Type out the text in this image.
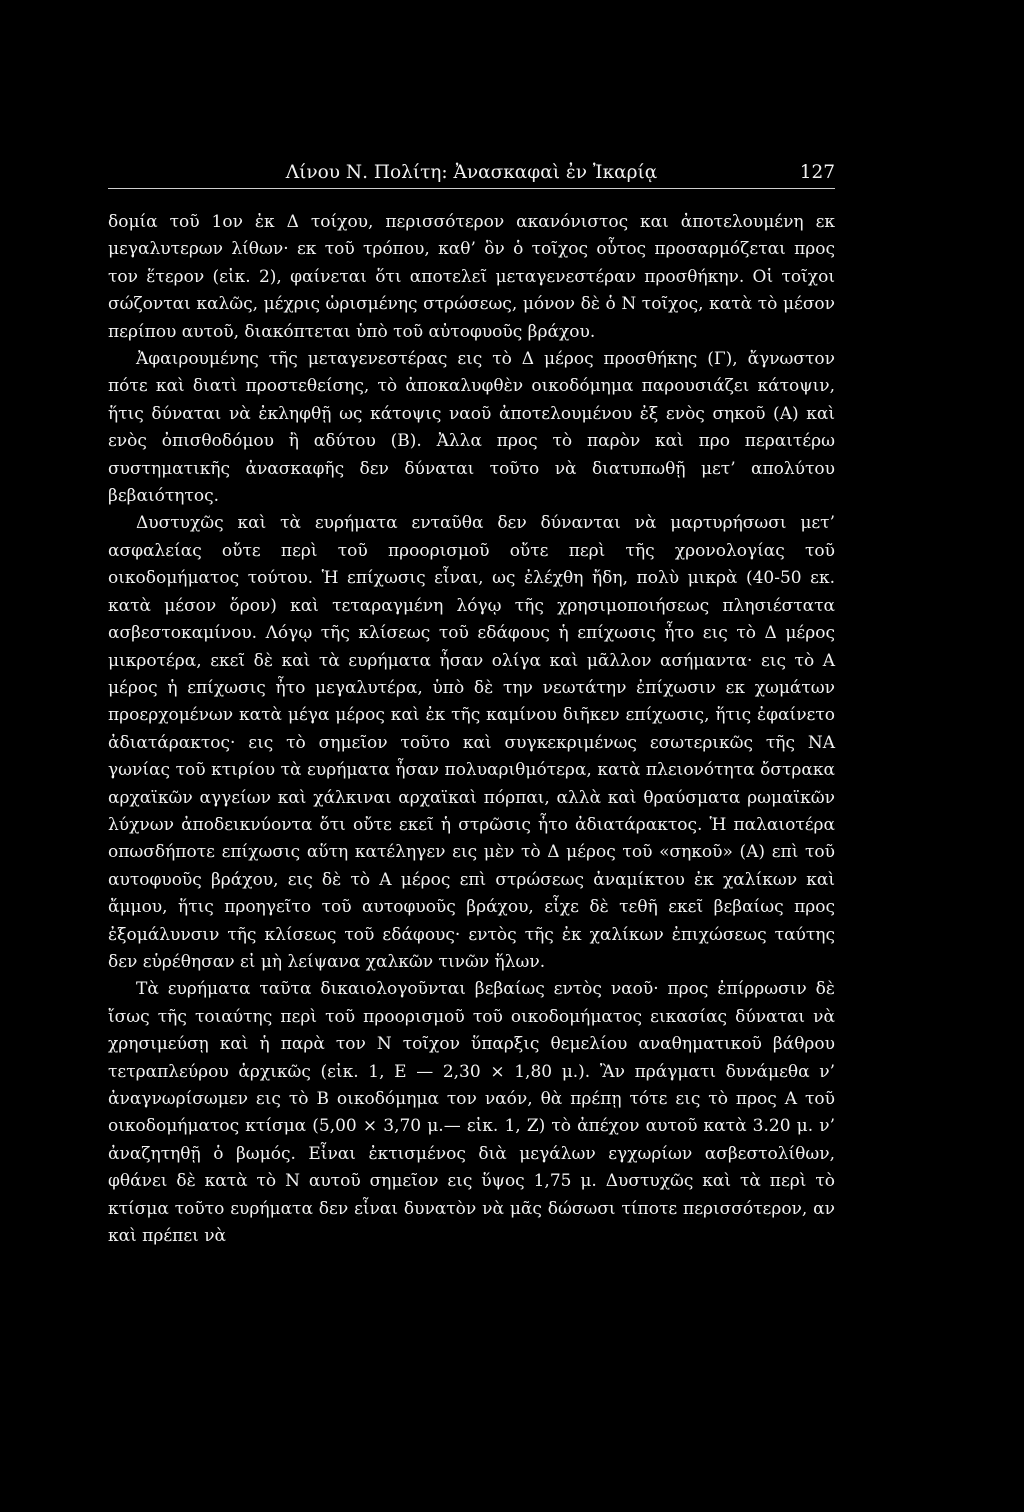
Λίνου Ν. Πολίτη: Ἀνασκαφαὶ ἐν Ἰκαρίᾳ	127

δομία τοῦ 1ον ἐκ Δ τοίχου, περισσότερον ακανόνιστος και ἀποτελουμένη εκ μεγαλυτερων λίθων· εκ τοῦ τρόπου, καθ’ ὃν ὁ τοῖχος οὗτος προσαρμόζεται προς τον ἕτερον (εἰκ. 2), φαίνεται ὅτι αποτελεῖ μεταγενεστέραν προσθήκην. Οἱ τοῖχοι σώζονται καλῶς, μέχρις ὡρισμένης στρώσεως, μόνον δὲ ὁ Ν τοῖχος, κατὰ τὸ μέσον περίπου αυτοῦ, διακόπτεται ὑπὸ τοῦ αὐτοφυοῦς βράχου.

Ἀφαιρουμένης τῆς μεταγενεστέρας εις τὸ Δ μέρος προσθήκης (Γ), ἄγνωστον πότε καὶ διατὶ προστεθείσης, τὸ ἀποκαλυφθὲν οικοδόμημα παρουσιάζει κάτοψιν, ἥτις δύναται νὰ ἐκληφθῇ ως κάτοψις ναοῦ ἀποτελουμένου ἐξ ενὸς σηκοῦ (Α) καὶ ενὸς ὀπισθοδόμου ἢ αδύτου (Β). Ἀλλα προς τὸ παρὸν καὶ προ περαιτέρω συστηματικῆς ἀνασκαφῆς δεν δύναται τοῦτο νὰ διατυπωθῇ μετ’ απολύτου βεβαιότητος.

Δυστυχῶς καὶ τὰ ευρήματα ενταῦθα δεν δύνανται νὰ μαρτυρήσωσι μετ’ ασφαλείας οὔτε περὶ τοῦ προορισμοῦ οὔτε περὶ τῆς χρονολογίας τοῦ οικοδομήματος τούτου. Ἡ επίχωσις εἶναι, ως ἐλέχθη ἤδη, πολὺ μικρὰ (40-50 εκ. κατὰ μέσον ὅρον) καὶ τεταραγμένη λόγῳ τῆς χρησιμοποιήσεως πλησιέστατα ασβεστοκαμίνου. Λόγῳ τῆς κλίσεως τοῦ εδάφους ἡ επίχωσις ἦτο εις τὸ Δ μέρος μικροτέρα, εκεῖ δὲ καὶ τὰ ευρήματα ἦσαν ολίγα καὶ μᾶλλον ασήμαντα· εις τὸ Α μέρος ἡ επίχωσις ἦτο μεγαλυτέρα, ὑπὸ δὲ την νεωτάτην ἐπίχωσιν εκ χωμάτων προερχομένων κατὰ μέγα μέρος καὶ ἐκ τῆς καμίνου διῆκεν επίχωσις, ἥτις ἐφαίνετο ἀδιατάρακτος· εις τὸ σημεῖον τοῦτο καὶ συγκεκριμένως εσωτερικῶς τῆς ΝΑ γωνίας τοῦ κτιρίου τὰ ευρήματα ἦσαν πολυαριθμότερα, κατὰ πλειονότητα ὄστρακα αρχαϊκῶν αγγείων καὶ χάλκιναι αρχαϊκαὶ πόρπαι, αλλὰ καὶ θραύσματα ρωμαϊκῶν λύχνων ἀποδεικνύοντα ὅτι οὔτε εκεῖ ἡ στρῶσις ἦτο ἀδιατάρακτος. Ἡ παλαιοτέρα οπωσδήποτε επίχωσις αὕτη κατέληγεν εις μὲν τὸ Δ μέρος τοῦ «σηκοῦ» (Α) επὶ τοῦ αυτοφυοῦς βράχου, εις δὲ τὸ Α μέρος επὶ στρώσεως ἀναμίκτου ἐκ χαλίκων καὶ ἄμμου, ἥτις προηγεῖτο τοῦ αυτοφυοῦς βράχου, εἶχε δὲ τεθῆ εκεῖ βεβαίως προς ἐξομάλυνσιν τῆς κλίσεως τοῦ εδάφους· εντὸς τῆς ἐκ χαλίκων ἐπιχώσεως ταύτης δεν εὑρέθησαν εἰ μὴ λείψανα χαλκῶν τινῶν ἥλων.

Τὰ ευρήματα ταῦτα δικαιολογοῦνται βεβαίως εντὸς ναοῦ· προς ἐπίρρωσιν δὲ ἴσως τῆς τοιαύτης περὶ τοῦ προορισμοῦ τοῦ οικοδομήματος εικασίας δύναται νὰ χρησιμεύσῃ καὶ ἡ παρὰ τον Ν τοῖχον ὕπαρξις θεμελίου αναθηματικοῦ βάθρου τετραπλεύρου ἀρχικῶς (εἰκ. 1, Ε — 2,30 × 1,80 μ.). Ἂν πράγματι δυνάμεθα ν’ ἀναγνωρίσωμεν εις τὸ Β οικοδόμημα τον ναόν, θὰ πρέπῃ τότε εις τὸ προς Α τοῦ οικοδομήματος κτίσμα (5,00 × 3,70 μ.— εἰκ. 1, Ζ) τὸ ἀπέχον αυτοῦ κατὰ 3.20 μ. ν’ ἀναζητηθῇ ὁ βωμός. Εἶναι ἐκτισμένος διὰ μεγάλων εγχωρίων ασβεστολίθων, φθάνει δὲ κατὰ τὸ Ν αυτοῦ σημεῖον εις ὕψος 1,75 μ. Δυστυχῶς καὶ τὰ περὶ τὸ κτίσμα τοῦτο ευρήματα δεν εἶναι δυνατὸν νὰ μᾶς δώσωσι τίποτε περισσότερον, αν καὶ πρέπει νὰ
